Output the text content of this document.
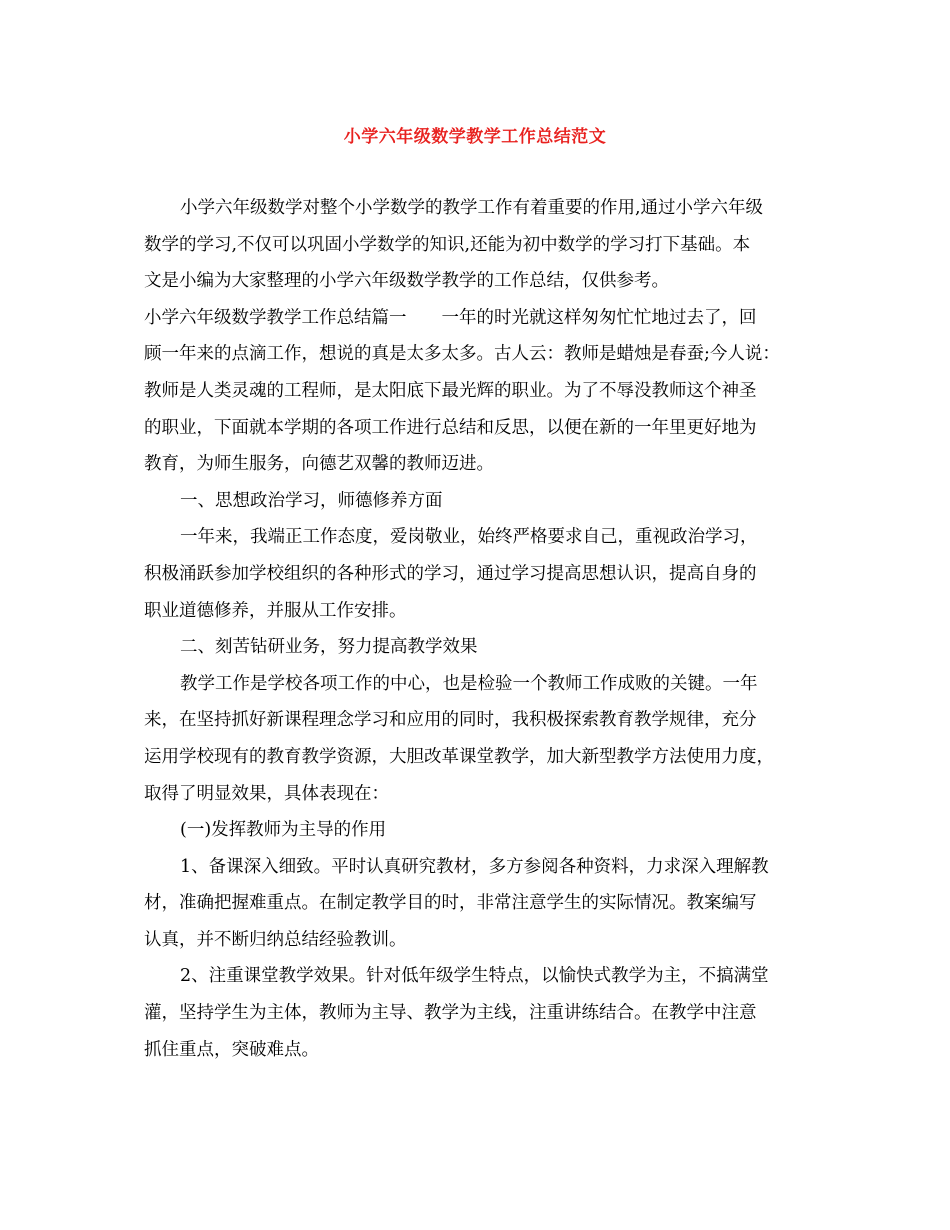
小学六年级数学教学工作总结范文
小学六年级数学对整个小学数学的教学工作有着重要的作用,通过小学六年级
数学的学习,不仅可以巩固小学数学的知识,还能为初中数学的学习打下基础。本
文是小编为大家整理的小学六年级数学教学的工作总结，仅供参考。
小学六年级数学教学工作总结篇一　　一年的时光就这样匆匆忙忙地过去了，回
顾一年来的点滴工作，想说的真是太多太多。古人云：教师是蜡烛是春蚕;今人说：
教师是人类灵魂的工程师，是太阳底下最光辉的职业。为了不辱没教师这个神圣
的职业，下面就本学期的各项工作进行总结和反思，以便在新的一年里更好地为
教育，为师生服务，向德艺双馨的教师迈进。
一、思想政治学习，师德修养方面
一年来，我端正工作态度，爱岗敬业，始终严格要求自己，重视政治学习，
积极涌跃参加学校组织的各种形式的学习，通过学习提高思想认识，提高自身的
职业道德修养，并服从工作安排。
二、刻苦钻研业务，努力提高教学效果
教学工作是学校各项工作的中心，也是检验一个教师工作成败的关键。一年
来，在坚持抓好新课程理念学习和应用的同时，我积极探索教育教学规律，充分
运用学校现有的教育教学资源，大胆改革课堂教学，加大新型教学方法使用力度，
取得了明显效果，具体表现在：
(一)发挥教师为主导的作用
1、备课深入细致。平时认真研究教材，多方参阅各种资料，力求深入理解教
材，准确把握难重点。在制定教学目的时，非常注意学生的实际情况。教案编写
认真，并不断归纳总结经验教训。
2、注重课堂教学效果。针对低年级学生特点，以愉快式教学为主，不搞满堂
灌，坚持学生为主体，教师为主导、教学为主线，注重讲练结合。在教学中注意
抓住重点，突破难点。
